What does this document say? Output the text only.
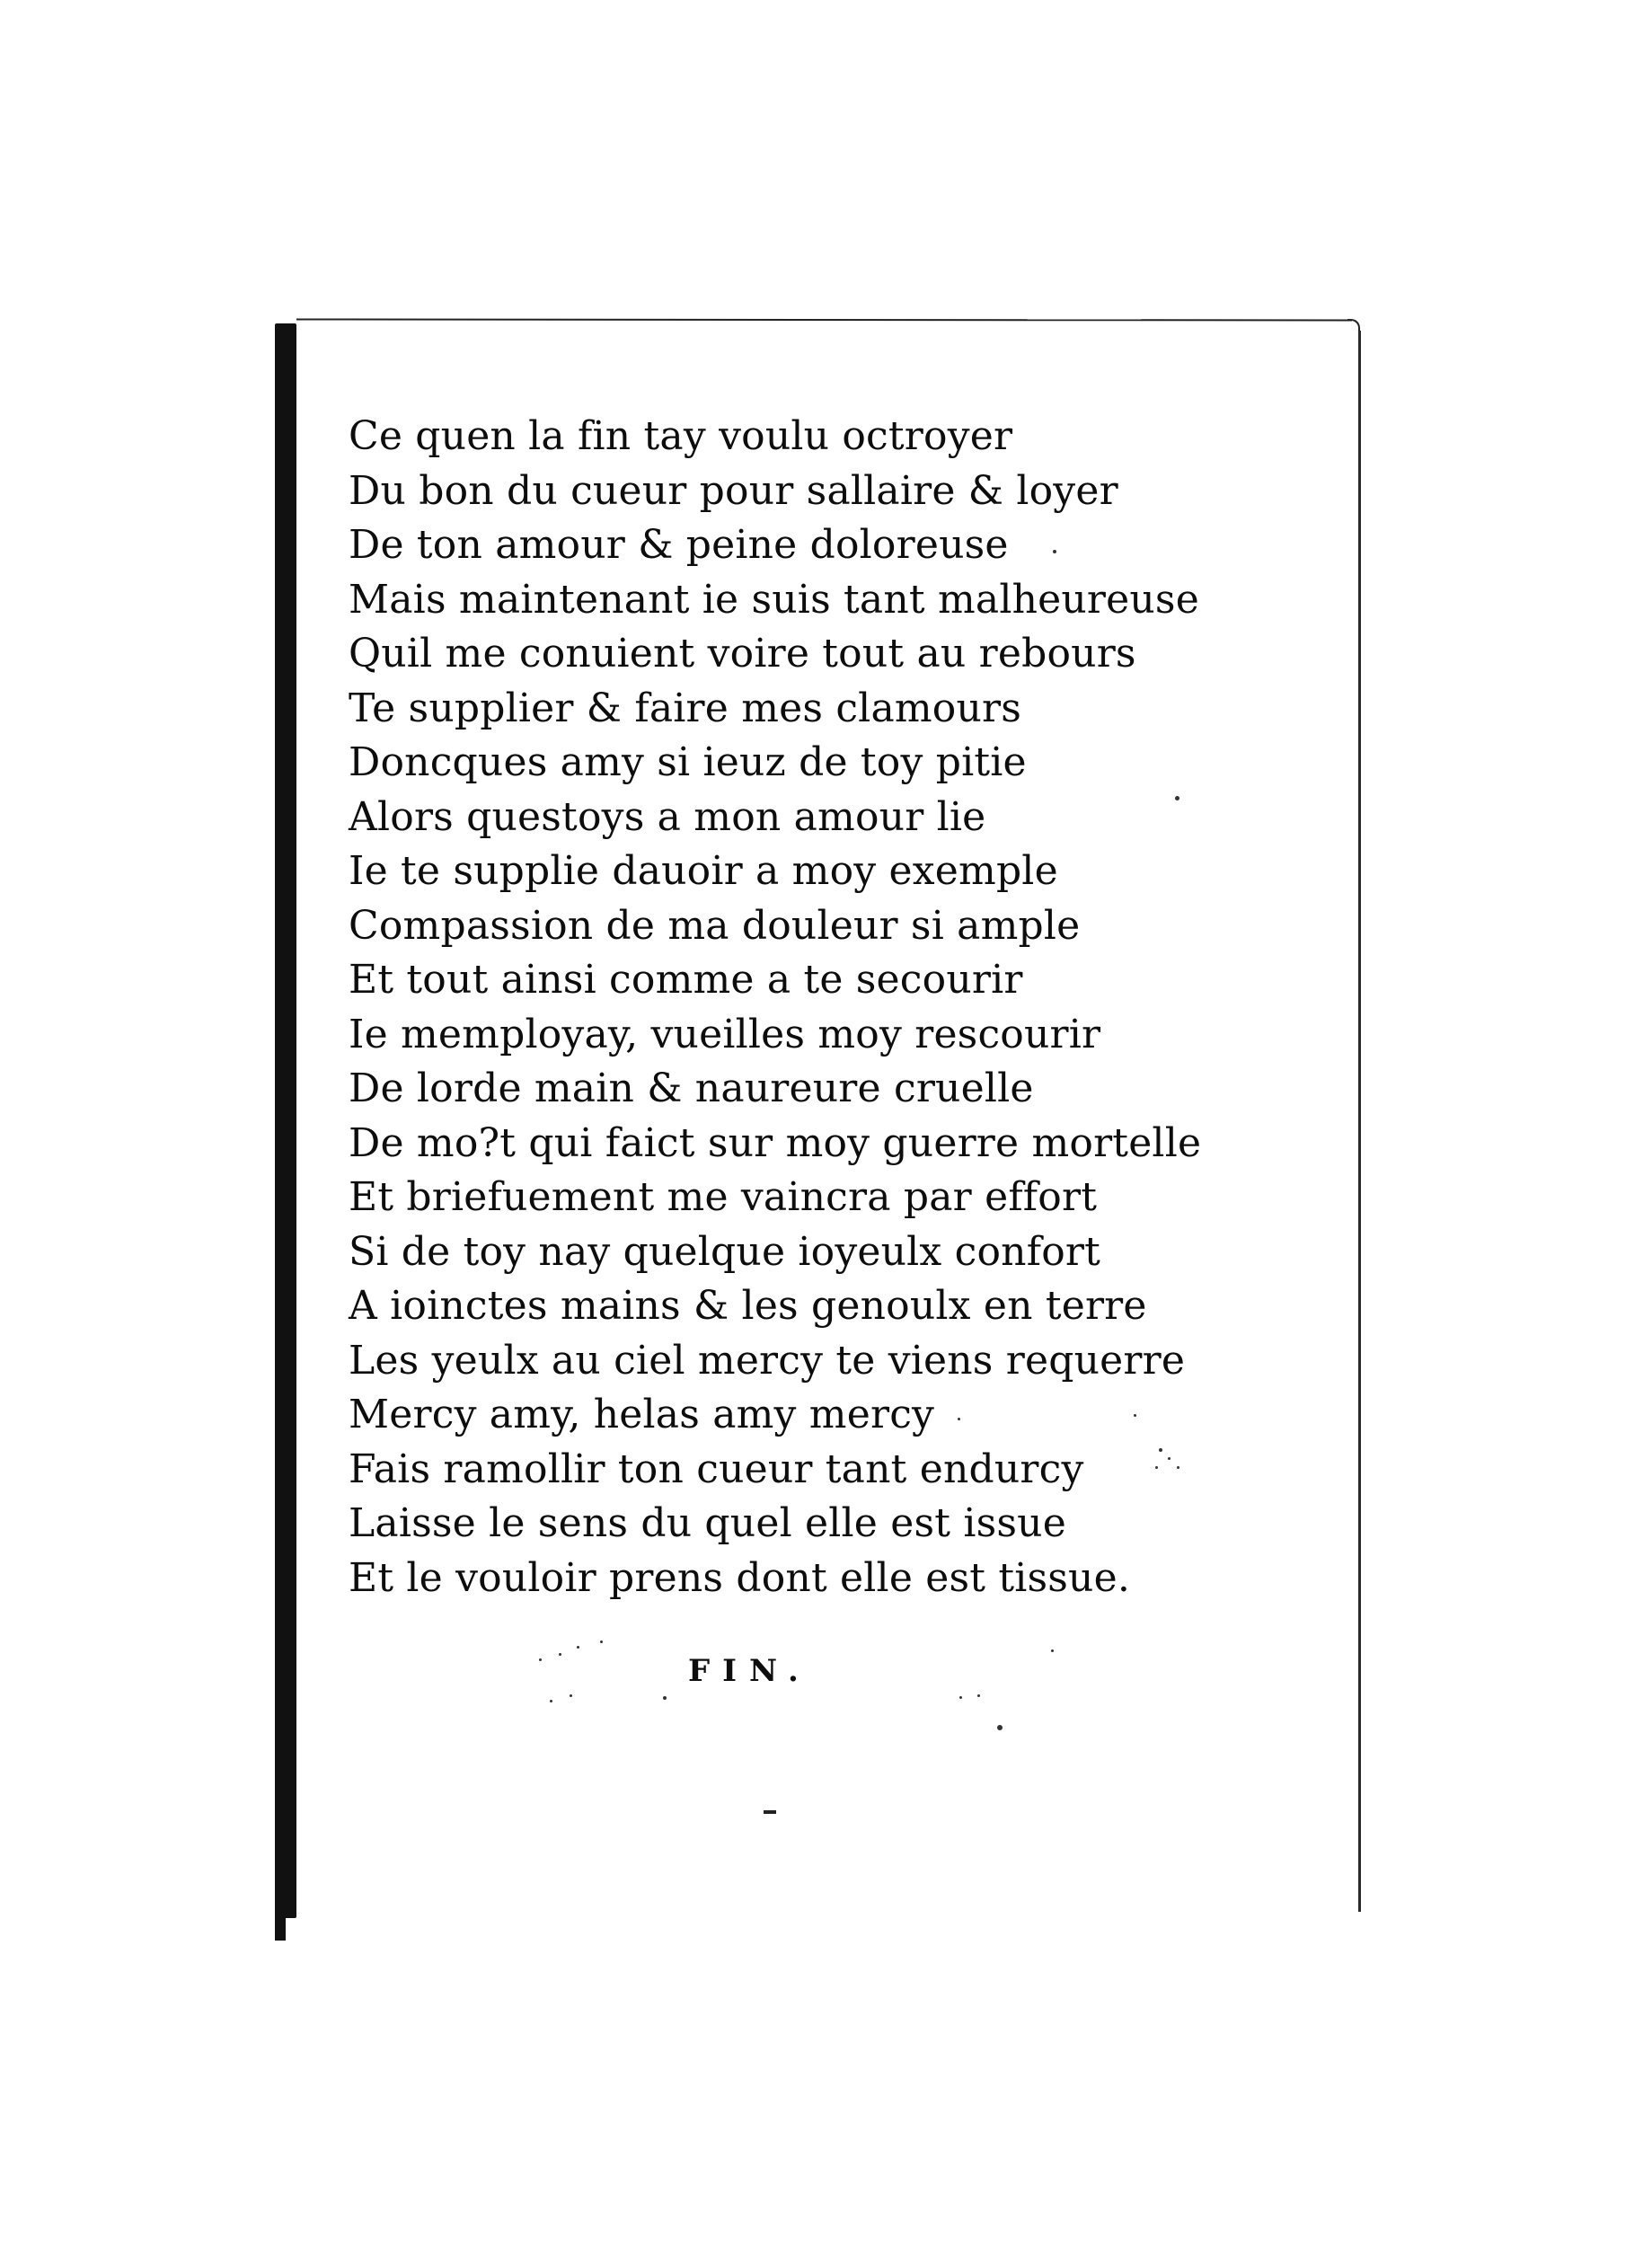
Ce quen la fin tay voulu octroyer
Du bon du cueur pour sallaire & loyer
De ton amour & peine doloreuse
Mais maintenant ie suis tant malheureuse
Quil me conuient voire tout au rebours
Te supplier & faire mes clamours
Doncques amy si ieuz de toy pitie
Alors questoys a mon amour lie
Ie te supplie dauoir a moy exemple
Compassion de ma douleur si ample
Et tout ainsi comme a te secourir
Ie memployay, vueilles moy rescourir
De lorde main & naureure cruelle
De mo?t qui faict sur moy guerre mortelle
Et briefuement me vaincra par effort
Si de toy nay quelque ioyeulx confort
A ioinctes mains & les genoulx en terre
Les yeulx au ciel mercy te viens requerre
Mercy amy, helas amy mercy
Fais ramollir ton cueur tant endurcy
Laisse le sens du quel elle est issue
Et le vouloir prens dont elle est tissue.
FIN.
